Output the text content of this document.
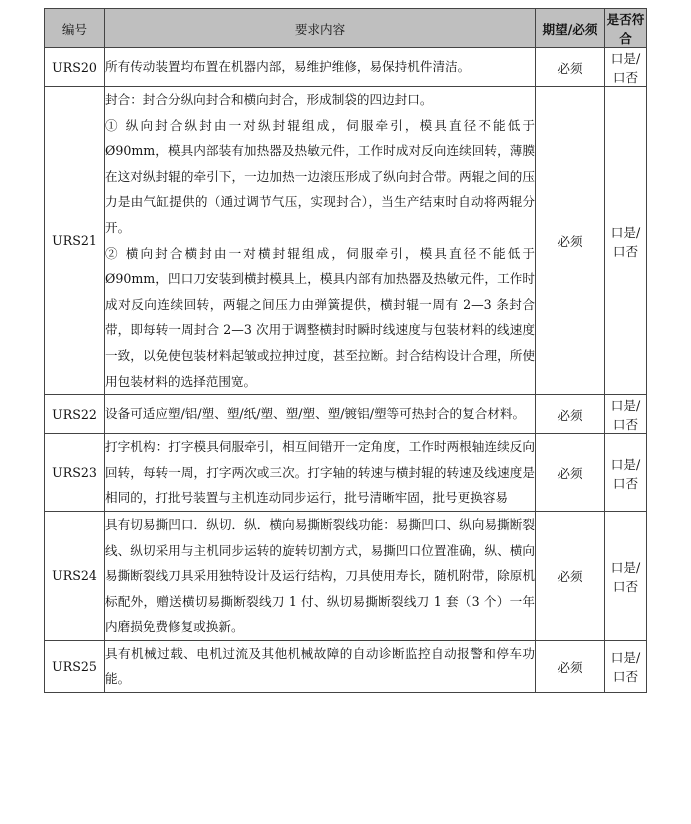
编号	要求内容	期望/必须	是否符合
URS20	所有传动装置均布置在机器内部，易维护维修，易保持机件清洁。	必须	口是/口否
URS21	封合：封合分纵向封合和横向封合，形成制袋的四边封口。

① 纵向封合纵封由一对纵封辊组成，伺服牵引，模具直径不能低于Ø90mm，模具内部装有加热器及热敏元件，工作时成对反向连续回转，薄膜在这对纵封辊的牵引下，一边加热一边滚压形成了纵向封合带。两辊之间的压力是由气缸提供的（通过调节气压，实现封合），当生产结束时自动将两辊分开。

② 横向封合横封由一对横封辊组成，伺服牵引，模具直径不能低于Ø90mm，凹口刀安装到横封模具上，模具内部有加热器及热敏元件，工作时成对反向连续回转，两辊之间压力由弹簧提供，横封辊一周有 2—3 条封合带，即每转一周封合 2—3 次用于调整横封时瞬时线速度与包装材料的线速度一致，以免使包装材料起皱或拉抻过度，甚至拉断。封合结构设计合理，所使用包装材料的选择范围宽。	必须	口是/口否
URS22	设备可适应塑/铝/塑、塑/纸/塑、塑/塑、塑/镀铝/塑等可热封合的复合材料。	必须	口是/口否
URS23	打字机构：打字模具伺服牵引，相互间错开一定角度，工作时两根轴连续反向回转，每转一周，打字两次或三次。打字轴的转速与横封辊的转速及线速度是相同的，打批号装置与主机连动同步运行，批号清晰牢固，批号更换容易	必须	口是/口否
URS24	具有切易撕凹口．纵切．纵．横向易撕断裂线功能：易撕凹口、纵向易撕断裂线、纵切采用与主机同步运转的旋转切割方式，易撕凹口位置准确，纵、横向易撕断裂线刀具采用独特设计及运行结构，刀具使用寿长，随机附带，除原机标配外，赠送横切易撕断裂线刀 1 付、纵切易撕断裂线刀 1 套（3 个）一年内磨损免费修复或换新。	必须	口是/口否
URS25	具有机械过载、电机过流及其他机械故障的自动诊断监控自动报警和停车功能。	必须	口是/口否
